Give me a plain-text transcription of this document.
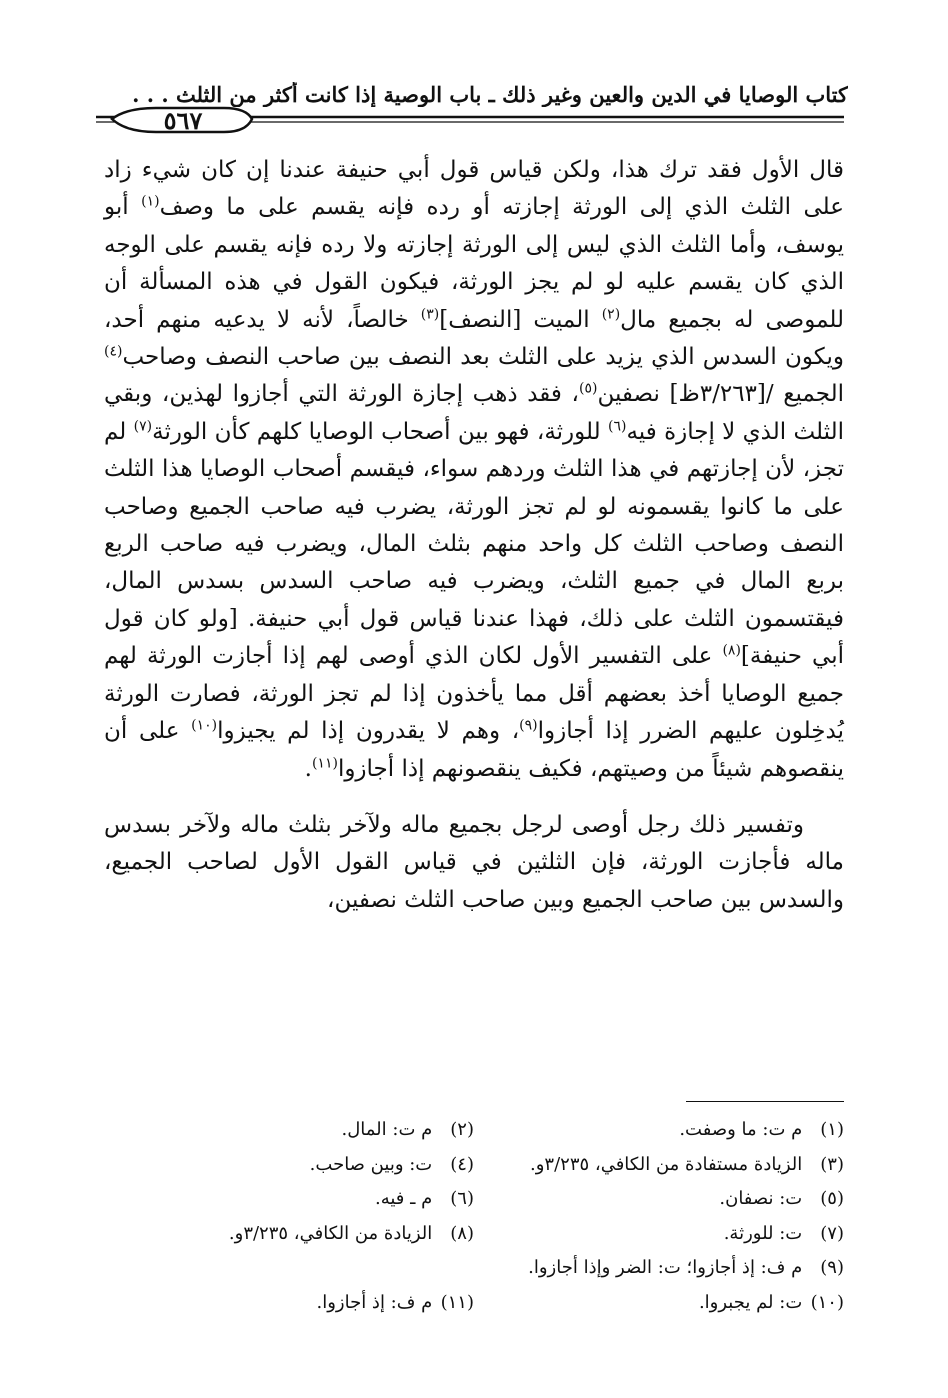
كتاب الوصايا في الدين والعين وغير ذلك ـ باب الوصية إذا كانت أكثر من الثلث . . .
٥٦٧

قال الأول فقد ترك هذا، ولكن قياس قول أبي حنيفة عندنا إن كان شيء زاد على الثلث الذي إلى الورثة إجازته أو رده فإنه يقسم على ما وصف$^{(١)}$ أبو يوسف، وأما الثلث الذي ليس إلى الورثة إجازته ولا رده فإنه يقسم على الوجه الذي كان يقسم عليه لو لم يجز الورثة، فيكون القول في هذه المسألة أن للموصى له بجميع مال$^{(٢)}$ الميت [النصف]$^{(٣)}$ خالصاً، لأنه لا يدعيه منهم أحد، ويكون السدس الذي يزيد على الثلث بعد النصف بين صاحب النصف وصاحب$^{(٤)}$ الجميع /[٣/٢٦٣ظ] نصفين$^{(٥)}$، فقد ذهب إجازة الورثة التي أجازوا لهذين، وبقي الثلث الذي لا إجازة فيه$^{(٦)}$ للورثة، فهو بين أصحاب الوصايا كلهم كأن الورثة$^{(٧)}$ لم تجز، لأن إجازتهم في هذا الثلث وردهم سواء، فيقسم أصحاب الوصايا هذا الثلث على ما كانوا يقسمونه لو لم تجز الورثة، يضرب فيه صاحب الجميع وصاحب النصف وصاحب الثلث كل واحد منهم بثلث المال، ويضرب فيه صاحب الربع بربع المال في جميع الثلث، ويضرب فيه صاحب السدس بسدس المال، فيقتسمون الثلث على ذلك، فهذا عندنا قياس قول أبي حنيفة. [ولو كان قول أبي حنيفة]$^{(٨)}$ على التفسير الأول لكان الذي أوصى لهم إذا أجازت الورثة لهم جميع الوصايا أخذ بعضهم أقل مما يأخذون إذا لم تجز الورثة، فصارت الورثة يُدخِلون عليهم الضرر إذا أجازوا$^{(٩)}$، وهم لا يقدرون إذا لم يجيزوا$^{(١٠)}$ على أن ينقصوهم شيئاً من وصيتهم، فكيف ينقصونهم إذا أجازوا$^{(١١)}$.

وتفسير ذلك رجل أوصى لرجل بجميع ماله ولآخر بثلث ماله ولآخر بسدس ماله فأجازت الورثة، فإن الثلثين في قياس القول الأول لصاحب الجميع، والسدس بين صاحب الجميع وبين صاحب الثلث نصفين،

(١) م ت: ما وصفت.
(٢) م ت: المال.
(٣) الزيادة مستفادة من الكافي، ٣/٢٣٥و.
(٤) ت: وبين صاحب.
(٥) ت: نصفان.
(٦) م ـ فيه.
(٧) ت: للورثة.
(٨) الزيادة من الكافي، ٣/٢٣٥و.
(٩) م ف: إذ أجازوا؛ ت: الضر وإذا أجازوا.
(١٠) ت: لم يجبروا.
(١١) م ف: إذ أجازوا.
